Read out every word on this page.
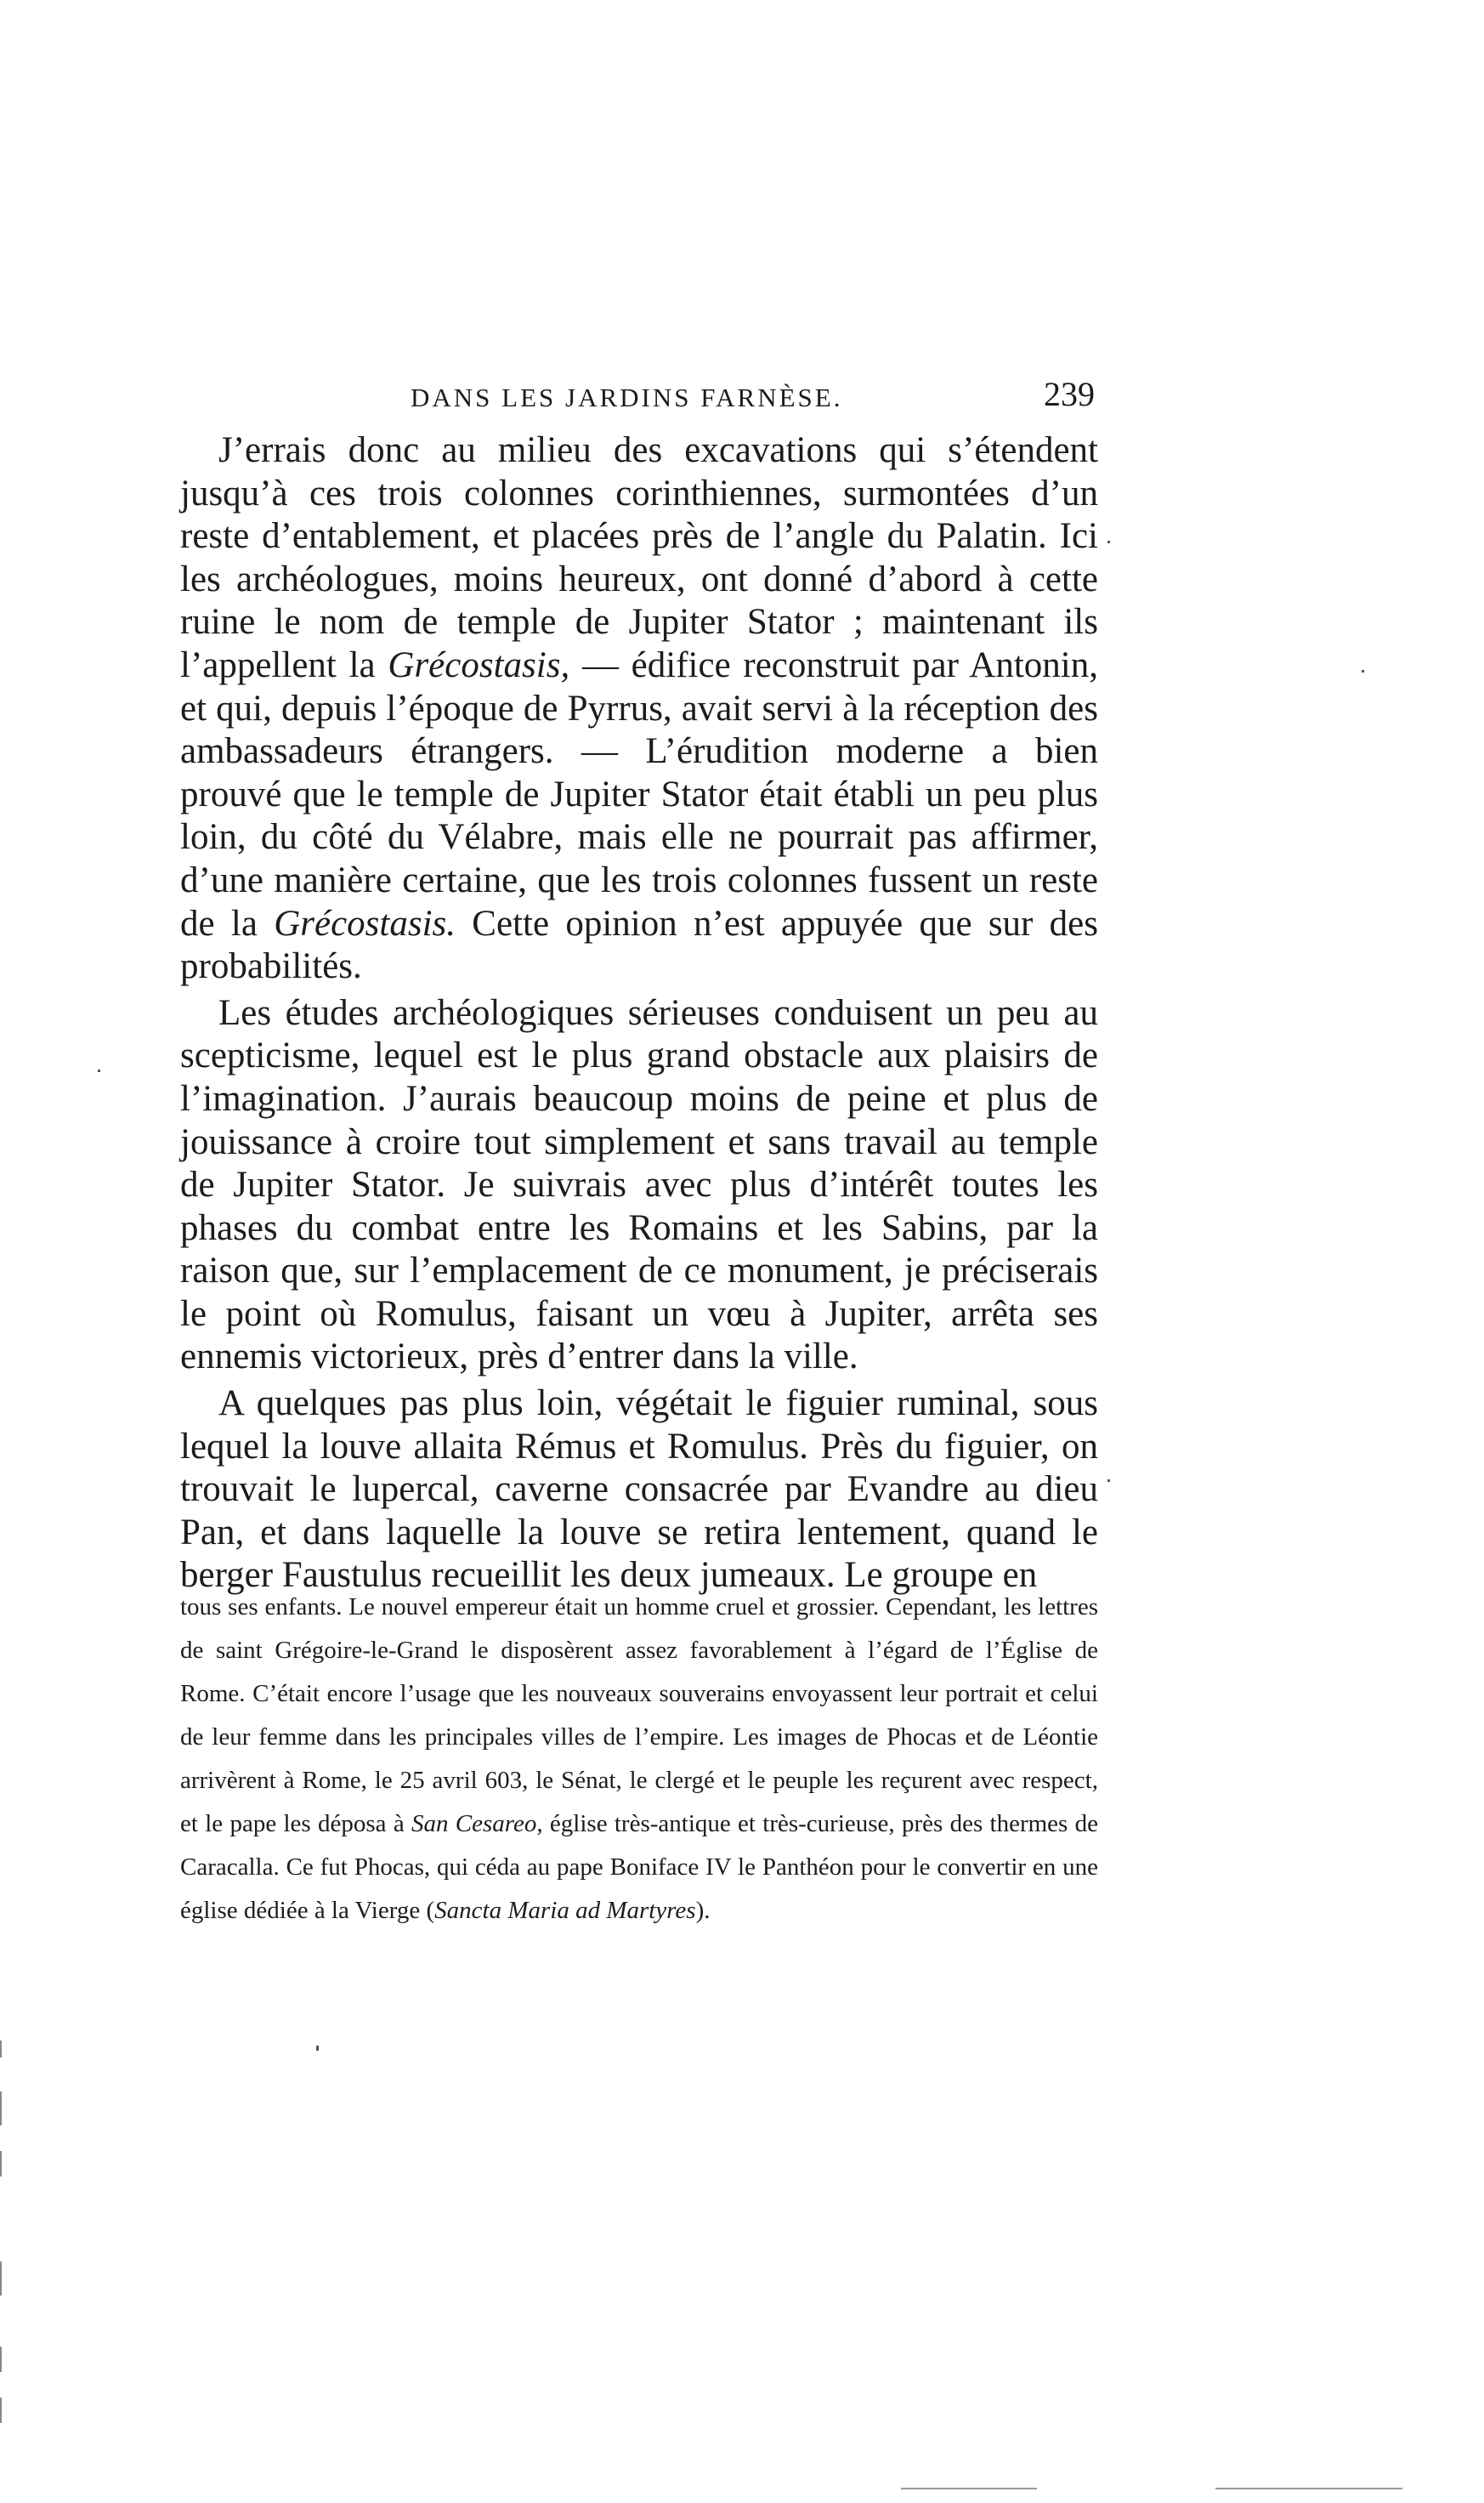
DANS LES JARDINS FARNÈSE.	239

J’errais donc au milieu des excavations qui s’étendent jusqu’à ces trois colonnes corinthiennes, surmontées d’un reste d’entablement, et placées près de l’angle du Palatin. Ici les archéologues, moins heureux, ont donné d’abord à cette ruine le nom de temple de Jupiter Stator ; maintenant ils l’appellent la Grécostasis, — édifice reconstruit par Antonin, et qui, depuis l’époque de Pyrrus, avait servi à la réception des ambassadeurs étrangers. — L’érudition moderne a bien prouvé que le temple de Jupiter Stator était établi un peu plus loin, du côté du Vélabre, mais elle ne pourrait pas affirmer, d’une manière certaine, que les trois colonnes fussent un reste de la Grécostasis. Cette opinion n’est appuyée que sur des probabilités.

Les études archéologiques sérieuses conduisent un peu au scepticisme, lequel est le plus grand obstacle aux plaisirs de l’imagination. J’aurais beaucoup moins de peine et plus de jouissance à croire tout simplement et sans travail au temple de Jupiter Stator. Je suivrais avec plus d’intérêt toutes les phases du combat entre les Romains et les Sabins, par la raison que, sur l’emplacement de ce monument, je préciserais le point où Romulus, faisant un vœu à Jupiter, arrêta ses ennemis victorieux, près d’entrer dans la ville.

A quelques pas plus loin, végétait le figuier ruminal, sous lequel la louve allaita Rémus et Romulus. Près du figuier, on trouvait le lupercal, caverne consacrée par Evandre au dieu Pan, et dans laquelle la louve se retira lentement, quand le berger Faustulus recueillit les deux jumeaux. Le groupe en

tous ses enfants. Le nouvel empereur était un homme cruel et grossier. Cependant, les lettres de saint Grégoire-le-Grand le disposèrent assez favorablement à l’égard de l’Église de Rome. C’était encore l’usage que les nouveaux souverains envoyassent leur portrait et celui de leur femme dans les principales villes de l’empire. Les images de Phocas et de Léontie arrivèrent à Rome, le 25 avril 603, le Sénat, le clergé et le peuple les reçurent avec respect, et le pape les déposa à San Cesareo, église très-antique et très-curieuse, près des thermes de Caracalla. Ce fut Phocas, qui céda au pape Boniface IV le Panthéon pour le convertir en une église dédiée à la Vierge (Sancta Maria ad Martyres).
